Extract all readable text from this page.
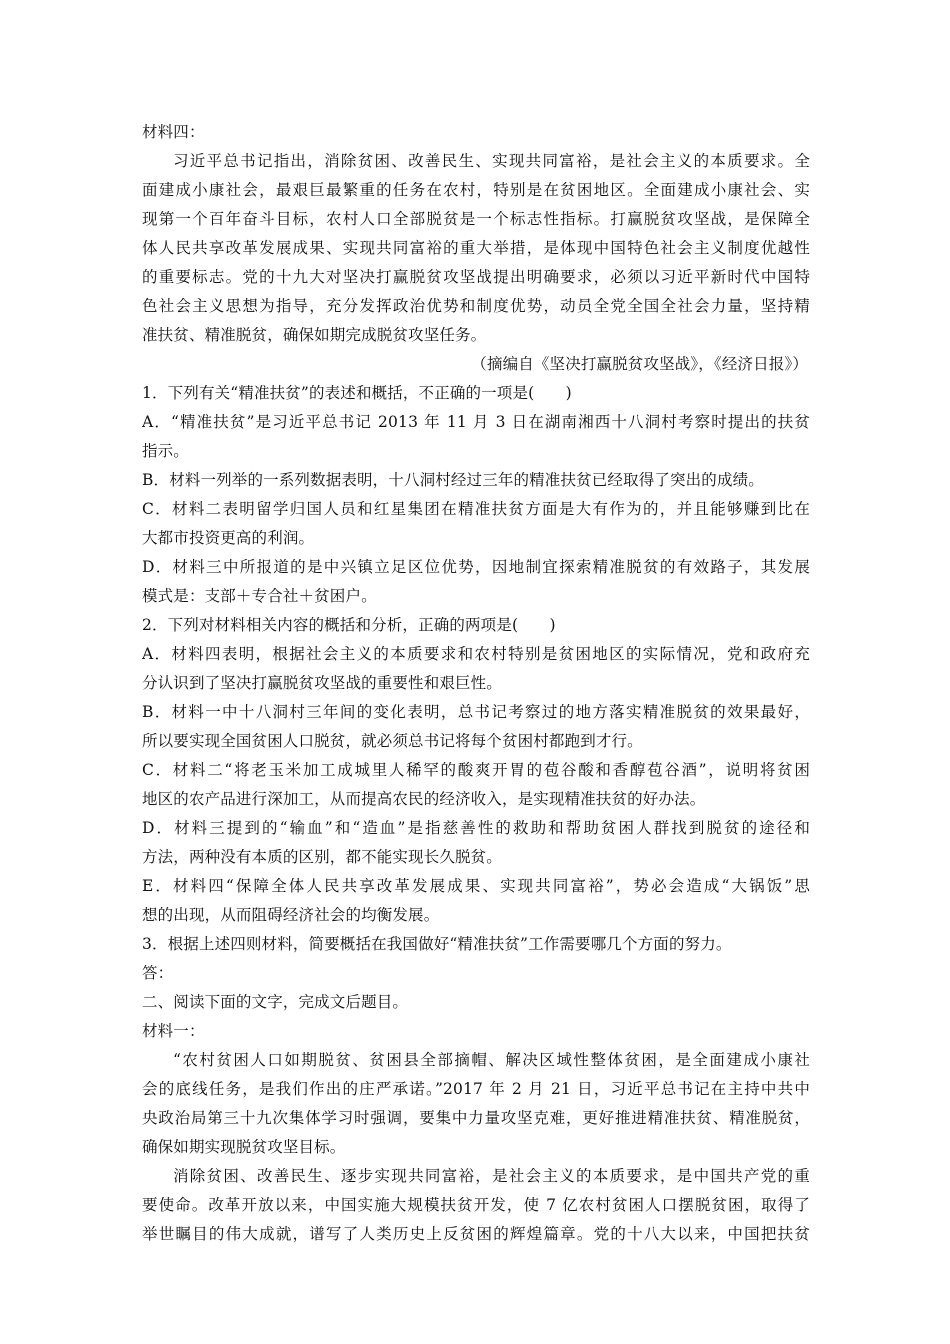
材料四：
习近平总书记指出，消除贫困、改善民生、实现共同富裕，是社会主义的本质要求。全
面建成小康社会，最艰巨最繁重的任务在农村，特别是在贫困地区。全面建成小康社会、实
现第一个百年奋斗目标，农村人口全部脱贫是一个标志性指标。打赢脱贫攻坚战，是保障全
体人民共享改革发展成果、实现共同富裕的重大举措，是体现中国特色社会主义制度优越性
的重要标志。党的十九大对坚决打赢脱贫攻坚战提出明确要求，必须以习近平新时代中国特
色社会主义思想为指导，充分发挥政治优势和制度优势，动员全党全国全社会力量，坚持精
准扶贫、精准脱贫，确保如期完成脱贫攻坚任务。
（摘编自《坚决打赢脱贫攻坚战》，《经济日报》）
1．下列有关“精准扶贫”的表述和概括，不正确的一项是(　　)
A．“精准扶贫”是习近平总书记 2013 年 11 月 3 日在湖南湘西十八洞村考察时提出的扶贫
指示。
B．材料一列举的一系列数据表明，十八洞村经过三年的精准扶贫已经取得了突出的成绩。
C．材料二表明留学归国人员和红星集团在精准扶贫方面是大有作为的，并且能够赚到比在
大都市投资更高的利润。
D．材料三中所报道的是中兴镇立足区位优势，因地制宜探索精准脱贫的有效路子，其发展
模式是：支部＋专合社＋贫困户。
2．下列对材料相关内容的概括和分析，正确的两项是(　　)
A．材料四表明，根据社会主义的本质要求和农村特别是贫困地区的实际情况，党和政府充
分认识到了坚决打赢脱贫攻坚战的重要性和艰巨性。
B．材料一中十八洞村三年间的变化表明，总书记考察过的地方落实精准脱贫的效果最好，
所以要实现全国贫困人口脱贫，就必须总书记将每个贫困村都跑到才行。
C．材料二“将老玉米加工成城里人稀罕的酸爽开胃的苞谷酸和香醇苞谷酒”，说明将贫困
地区的农产品进行深加工，从而提高农民的经济收入，是实现精准扶贫的好办法。
D．材料三提到的“输血”和“造血”是指慈善性的救助和帮助贫困人群找到脱贫的途径和
方法，两种没有本质的区别，都不能实现长久脱贫。
E．材料四“保障全体人民共享改革发展成果、实现共同富裕”，势必会造成“大锅饭”思
想的出现，从而阻碍经济社会的均衡发展。
3．根据上述四则材料，简要概括在我国做好“精准扶贫”工作需要哪几个方面的努力。
答：
二、阅读下面的文字，完成文后题目。
材料一：
“农村贫困人口如期脱贫、贫困县全部摘帽、解决区域性整体贫困，是全面建成小康社
会的底线任务，是我们作出的庄严承诺。”2017 年 2 月 21 日，习近平总书记在主持中共中
央政治局第三十九次集体学习时强调，要集中力量攻坚克难，更好推进精准扶贫、精准脱贫，
确保如期实现脱贫攻坚目标。
消除贫困、改善民生、逐步实现共同富裕，是社会主义的本质要求，是中国共产党的重
要使命。改革开放以来，中国实施大规模扶贫开发，使 7 亿农村贫困人口摆脱贫困，取得了
举世瞩目的伟大成就，谱写了人类历史上反贫困的辉煌篇章。党的十八大以来，中国把扶贫
